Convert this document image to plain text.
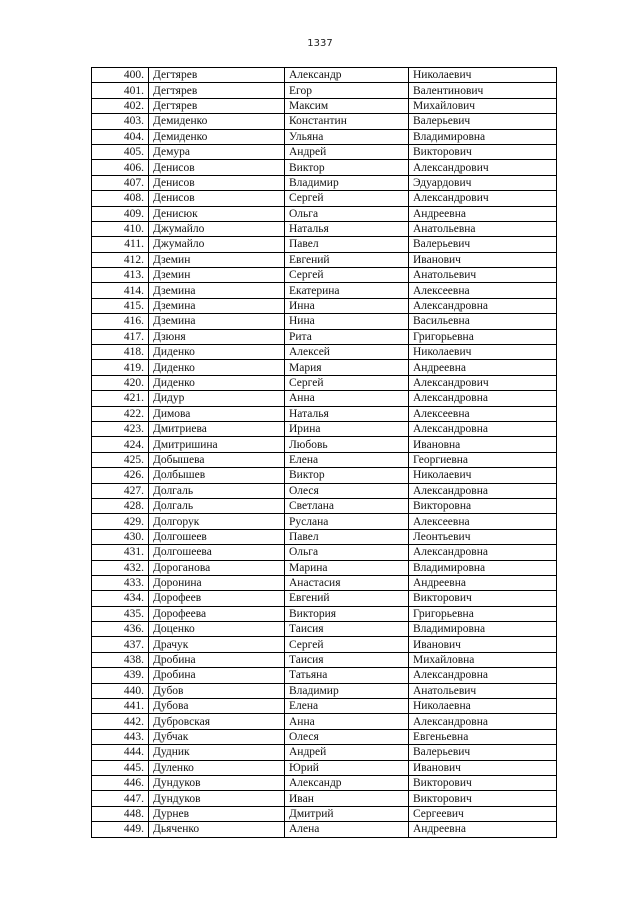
1337
400.	Дегтярев	Александр	Николаевич
401.	Дегтярев	Егор	Валентинович
402.	Дегтярев	Максим	Михайлович
403.	Демиденко	Константин	Валерьевич
404.	Демиденко	Ульяна	Владимировна
405.	Демура	Андрей	Викторович
406.	Денисов	Виктор	Александрович
407.	Денисов	Владимир	Эдуардович
408.	Денисов	Сергей	Александрович
409.	Денисюк	Ольга	Андреевна
410.	Джумайло	Наталья	Анатольевна
411.	Джумайло	Павел	Валерьевич
412.	Дземин	Евгений	Иванович
413.	Дземин	Сергей	Анатольевич
414.	Дземина	Екатерина	Алексеевна
415.	Дземина	Инна	Александровна
416.	Дземина	Нина	Васильевна
417.	Дзюня	Рита	Григорьевна
418.	Диденко	Алексей	Николаевич
419.	Диденко	Мария	Андреевна
420.	Диденко	Сергей	Александрович
421.	Дидур	Анна	Александровна
422.	Димова	Наталья	Алексеевна
423.	Дмитриева	Ирина	Александровна
424.	Дмитришина	Любовь	Ивановна
425.	Добышева	Елена	Георгиевна
426.	Долбышев	Виктор	Николаевич
427.	Долгаль	Олеся	Александровна
428.	Долгаль	Светлана	Викторовна
429.	Долгорук	Руслана	Алексеевна
430.	Долгошеев	Павел	Леонтьевич
431.	Долгошеева	Ольга	Александровна
432.	Дорoганова	Марина	Владимировна
433.	Доронина	Анастасия	Андреевна
434.	Дорофеев	Евгений	Викторович
435.	Дорофеева	Виктория	Григорьевна
436.	Доценко	Таисия	Владимировна
437.	Драчук	Сергей	Иванович
438.	Дробина	Таисия	Михайловна
439.	Дробина	Татьяна	Александровна
440.	Дубов	Владимир	Анатольевич
441.	Дубова	Елена	Николаевна
442.	Дубровская	Анна	Александровна
443.	Дубчак	Олеся	Евгеньевна
444.	Дудник	Андрей	Валерьевич
445.	Дуленко	Юрий	Иванович
446.	Дундуков	Александр	Викторович
447.	Дундуков	Иван	Викторович
448.	Дурнев	Дмитрий	Сергеевич
449.	Дьяченко	Алена	Андреевна
